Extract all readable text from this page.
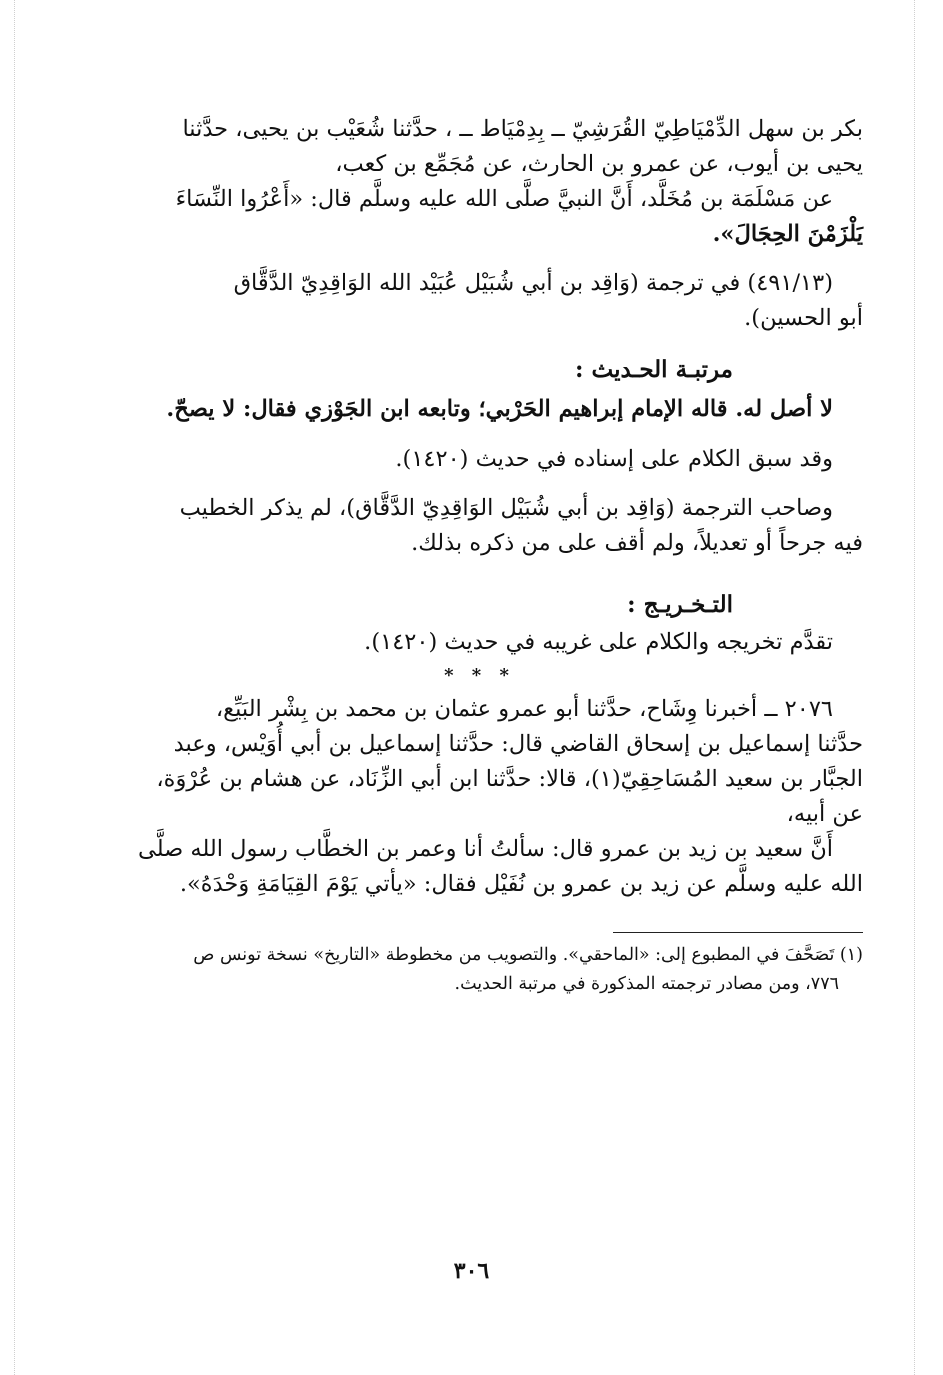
بكر بن سهل الدِّمْيَاطِيّ القُرَشِيّ ــ بِدِمْيَاط ــ ، حدَّثنا شُعَيْب بن يحيى، حدَّثنا
يحيى بن أيوب، عن عمرو بن الحارث، عن مُجَمِّع بن كعب،
عن مَسْلَمَة بن مُخَلَّد، أَنَّ النبيَّ صلَّى الله عليه وسلَّم قال: «أَعْرُوا النِّسَاءَ
يَلْزَمْنَ الحِجَالَ».
(٤٩١/١٣) في ترجمة (وَاقِد بن أبي شُبَيْل عُبَيْد الله الوَاقِدِيّ الدَّقَّاق
أبو الحسين).
مرتبـة الحـديث :
لا أصل له. قاله الإمام إبراهيم الحَرْبي؛ وتابعه ابن الجَوْزي فقال: لا يصحّ.
وقد سبق الكلام على إسناده في حديث (١٤٢٠).
وصاحب الترجمة (وَاقِد بن أبي شُبَيْل الوَاقِدِيّ الدَّقَّاق)، لم يذكر الخطيب
فيه جرحاً أو تعديلاً، ولم أقف على من ذكره بذلك.
التـخـريـج :
تقدَّم تخريجه والكلام على غريبه في حديث (١٤٢٠).
* * *
٢٠٧٦ ــ أخبرنا وِشَاح، حدَّثنا أبو عمرو عثمان بن محمد بن بِشْر البَيِّع،
حدَّثنا إسماعيل بن إسحاق القاضي قال: حدَّثنا إسماعيل بن أبي أُوَيْس، وعبد
الجبَّار بن سعيد المُسَاحِقِيّ(١)، قالا: حدَّثنا ابن أبي الزِّنَاد، عن هشام بن عُرْوَة،
عن أبيه،
أَنَّ سعيد بن زيد بن عمرو قال: سألتُ أنا وعمر بن الخطَّاب رسول الله صلَّى
الله عليه وسلَّم عن زيد بن عمرو بن نُفَيْل فقال: «يأتي يَوْمَ القِيَامَةِ وَحْدَهُ».
(١) تَصَحَّفَ في المطبوع إلى: «الماحقي». والتصويب من مخطوطة «التاريخ» نسخة تونس ص
٧٧٦، ومن مصادر ترجمته المذكورة في مرتبة الحديث.
٣٠٦
